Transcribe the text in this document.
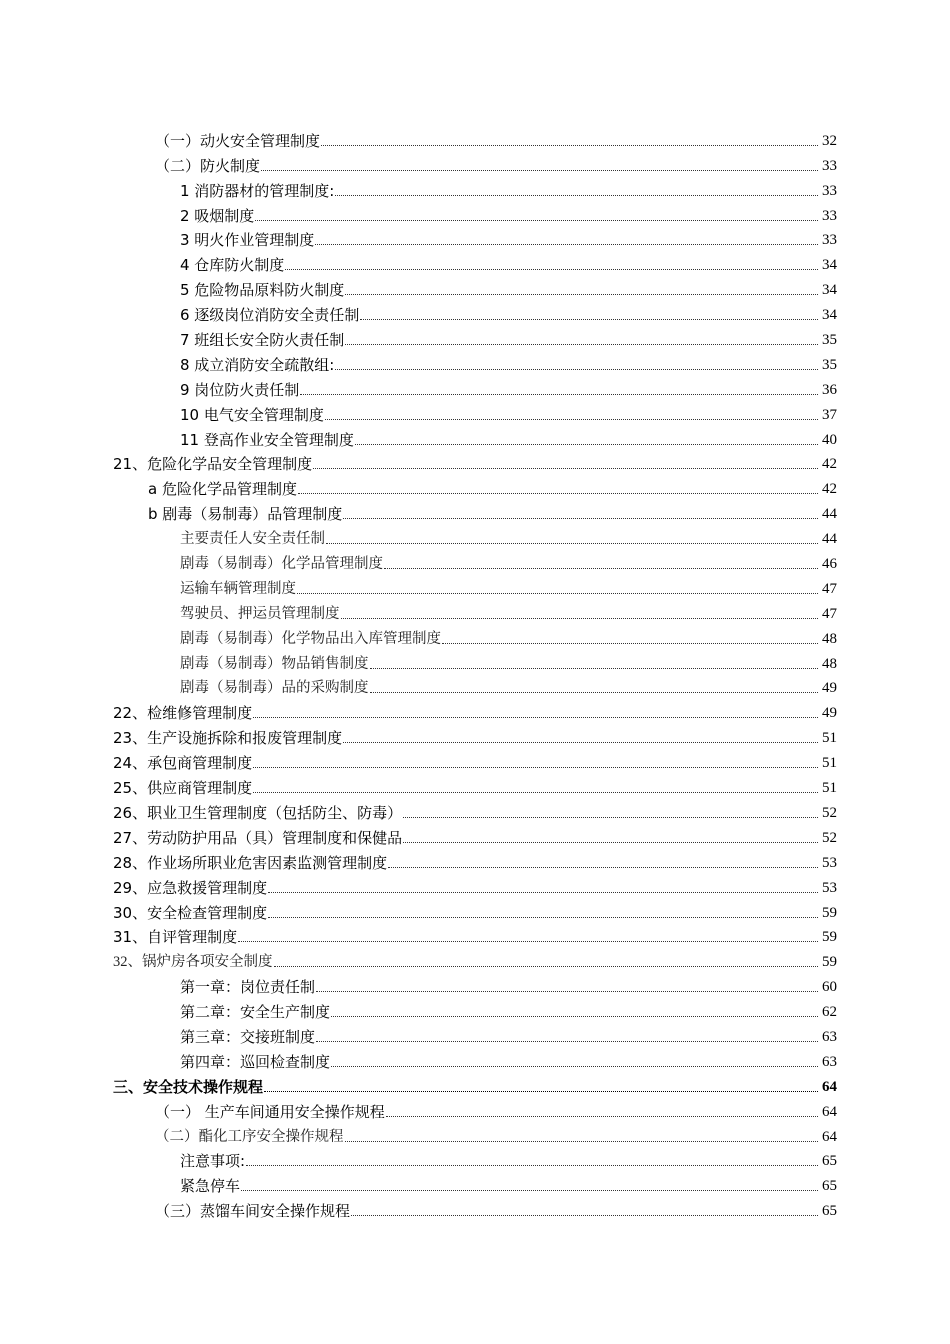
（一）动火安全管理制度	32
（二）防火制度	33
1 消防器材的管理制度:	33
2 吸烟制度	33
3 明火作业管理制度	33
4 仓库防火制度	34
5 危险物品原料防火制度	34
6 逐级岗位消防安全责任制	34
7 班组长安全防火责任制	35
8 成立消防安全疏散组:	35
9 岗位防火责任制	36
10 电气安全管理制度	37
11 登高作业安全管理制度	40
21、危险化学品安全管理制度	42
a 危险化学品管理制度	42
b 剧毒（易制毒）品管理制度	44
主要责任人安全责任制	44
剧毒（易制毒）化学品管理制度	46
运输车辆管理制度	47
驾驶员、押运员管理制度	47
剧毒（易制毒）化学物品出入库管理制度	48
剧毒（易制毒）物品销售制度	48
剧毒（易制毒）品的采购制度	49
22、检维修管理制度	49
23、生产设施拆除和报废管理制度	51
24、承包商管理制度	51
25、供应商管理制度	51
26、职业卫生管理制度（包括防尘、防毒）	52
27、劳动防护用品（具）管理制度和保健品	52
28、作业场所职业危害因素监测管理制度	53
29、应急救援管理制度	53
30、安全检查管理制度	59
31、自评管理制度	59
32、锅炉房各项安全制度	59
第一章：岗位责任制	60
第二章：安全生产制度	62
第三章：交接班制度	63
第四章：巡回检查制度	63
三、安全技术操作规程	64
（一） 生产车间通用安全操作规程	64
（二）酯化工序安全操作规程	64
注意事项:	65
紧急停车	65
（三）蒸馏车间安全操作规程	65
